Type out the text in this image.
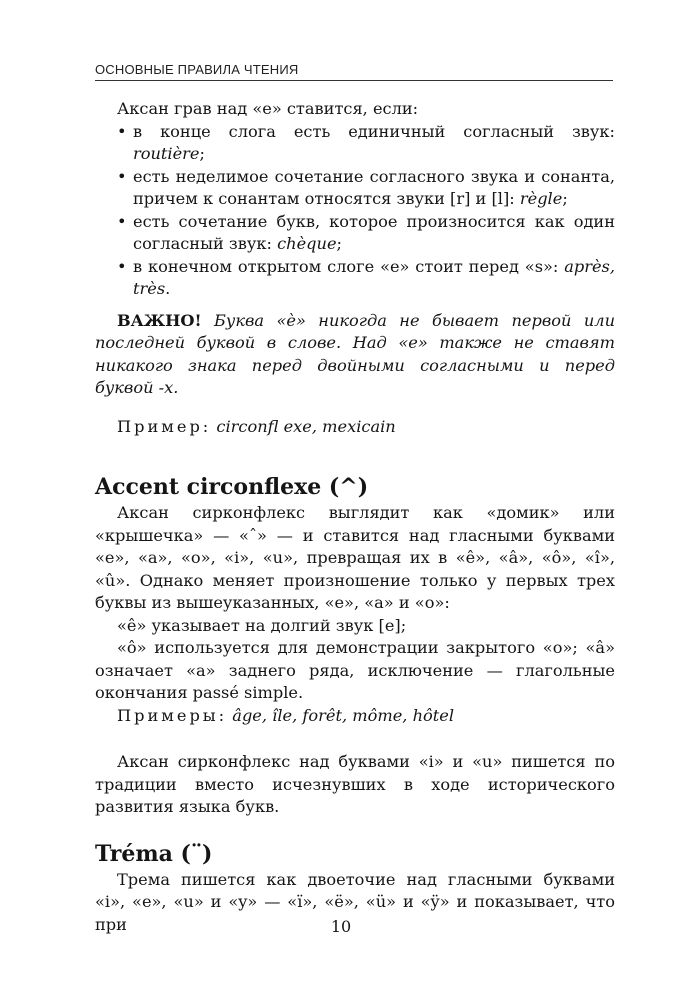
ОСНОВНЫЕ ПРАВИЛА ЧТЕНИЯ

Аксан грав над «e» ставится, если:

• в конце слога есть единичный согласный звук: routière;
• есть неделимое сочетание согласного звука и сонанта, причем к сонантам относятся звуки [r] и [l]: règle;
• есть сочетание букв, которое произносится как один согласный звук: chèque;
• в конечном открытом слоге «e» стоит перед «s»: après, très.

ВАЖНО! Буква «è» никогда не бывает первой или последней буквой в слове. Над «e» также не ставят никакого знака перед двойными согласными и перед буквой -x.

Пример: circonfl exe, mexicain

Accent circonflexe (^)

Аксан сирконфлекс выглядит как «домик» или «крышечка» — «ˆ» — и ставится над гласными буквами «e», «a», «o», «i», «u», превращая их в «ê», «â», «ô», «î», «û». Однако меняет произношение только у первых трех буквы из вышеуказанных, «e», «a» и «o»:

«ê» указывает на долгий звук [e];

«ô» используется для демонстрации закрытого «o»; «â» означает «a» заднего ряда, исключение — глагольные окончания passé simple.

Примеры: âge, île, forêt, môme, hôtel

Аксан сирконфлекс над буквами «i» и «u» пишется по традиции вместо исчезнувших в ходе исторического развития языка букв.

Tréma (¨)

Трема пишется как двоеточие над гласными буквами «i», «e», «u» и «y» — «ï», «ë», «ü» и «ÿ» и показывает, что при	10
